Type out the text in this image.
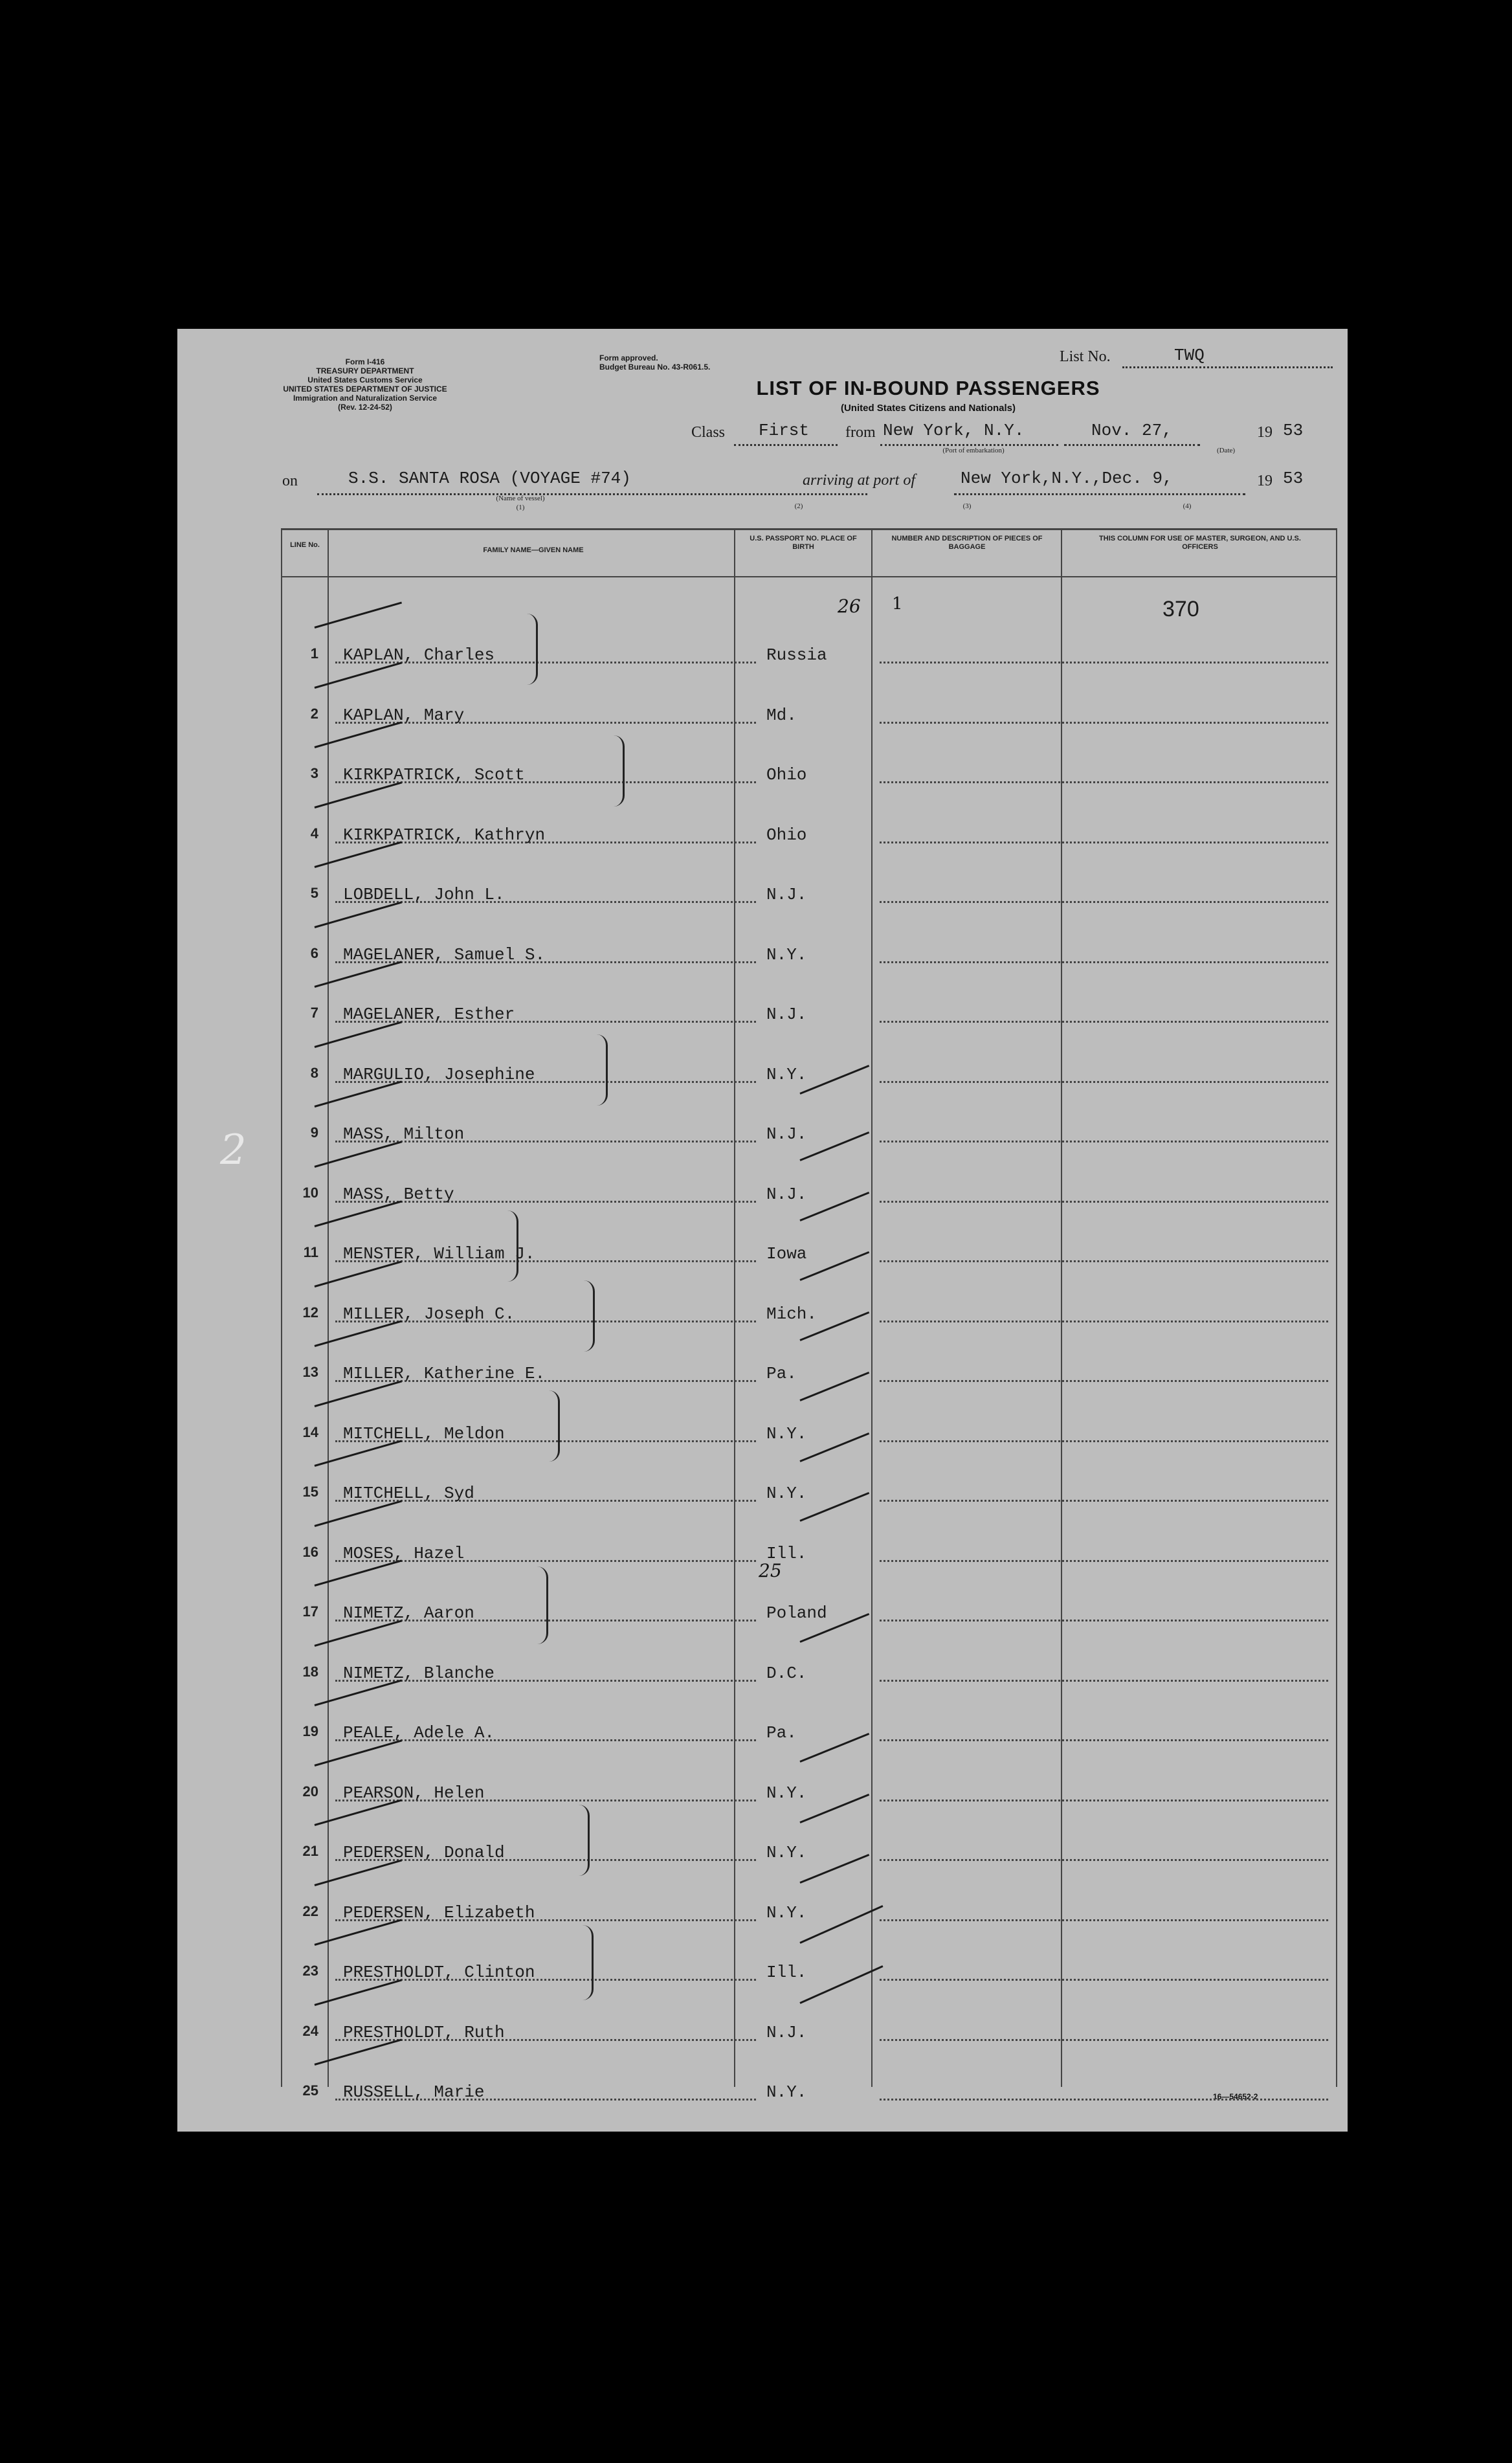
Form I-416
TREASURY DEPARTMENT
United States Customs Service
UNITED STATES DEPARTMENT OF JUSTICE
Immigration and Naturalization Service
(Rev. 12-24-52)
Form approved.
Budget Bureau No. 43-R061.5.
List No.	TWQ
LIST OF IN-BOUND PASSENGERS
(United States Citizens and Nationals)
Class First from New York, N.Y.
(Port of embarkation)
Nov. 27,	19 53
(Date)
on	S.S. SANTA ROSA (VOYAGE #74)
(Name of vessel)
(1)
arriving at port of	New York,N.Y.,Dec. 9,	19 53
(2)	(3)	(4)
LINE No.
FAMILY NAME—GIVEN NAME
U.S. PASSPORT NO. PLACE OF BIRTH
NUMBER AND DESCRIPTION OF PIECES OF BAGGAGE
THIS COLUMN FOR USE OF MASTER, SURGEON, AND U.S. OFFICERS
370
26 1
25
16—54652-2
1 KAPLAN, Charles	Russia
2 KAPLAN, Mary	Md.
3 KIRKPATRICK, Scott	Ohio
4 KIRKPATRICK, Kathryn	Ohio
5 LOBDELL, John L.	N.J.
6 MAGELANER, Samuel S.	N.Y.
7 MAGELANER, Esther	N.J.
8 MARGULIO, Josephine	N.Y.
9 MASS, Milton	N.J.
10 MASS, Betty	N.J.
11 MENSTER, William J.	Iowa
12 MILLER, Joseph C.	Mich.
13 MILLER, Katherine E.	Pa.
14 MITCHELL, Meldon	N.Y.
15 MITCHELL, Syd	N.Y.
16 MOSES, Hazel	Ill.
17 NIMETZ, Aaron	Poland
18 NIMETZ, Blanche	D.C.
19 PEALE, Adele A.	Pa.
20 PEARSON, Helen	N.Y.
21 PEDERSEN, Donald	N.Y.
22 PEDERSEN, Elizabeth	N.Y.
23 PRESTHOLDT, Clinton	Ill.
24 PRESTHOLDT, Ruth	N.J.
25 RUSSELL, Marie	N.Y.
2
